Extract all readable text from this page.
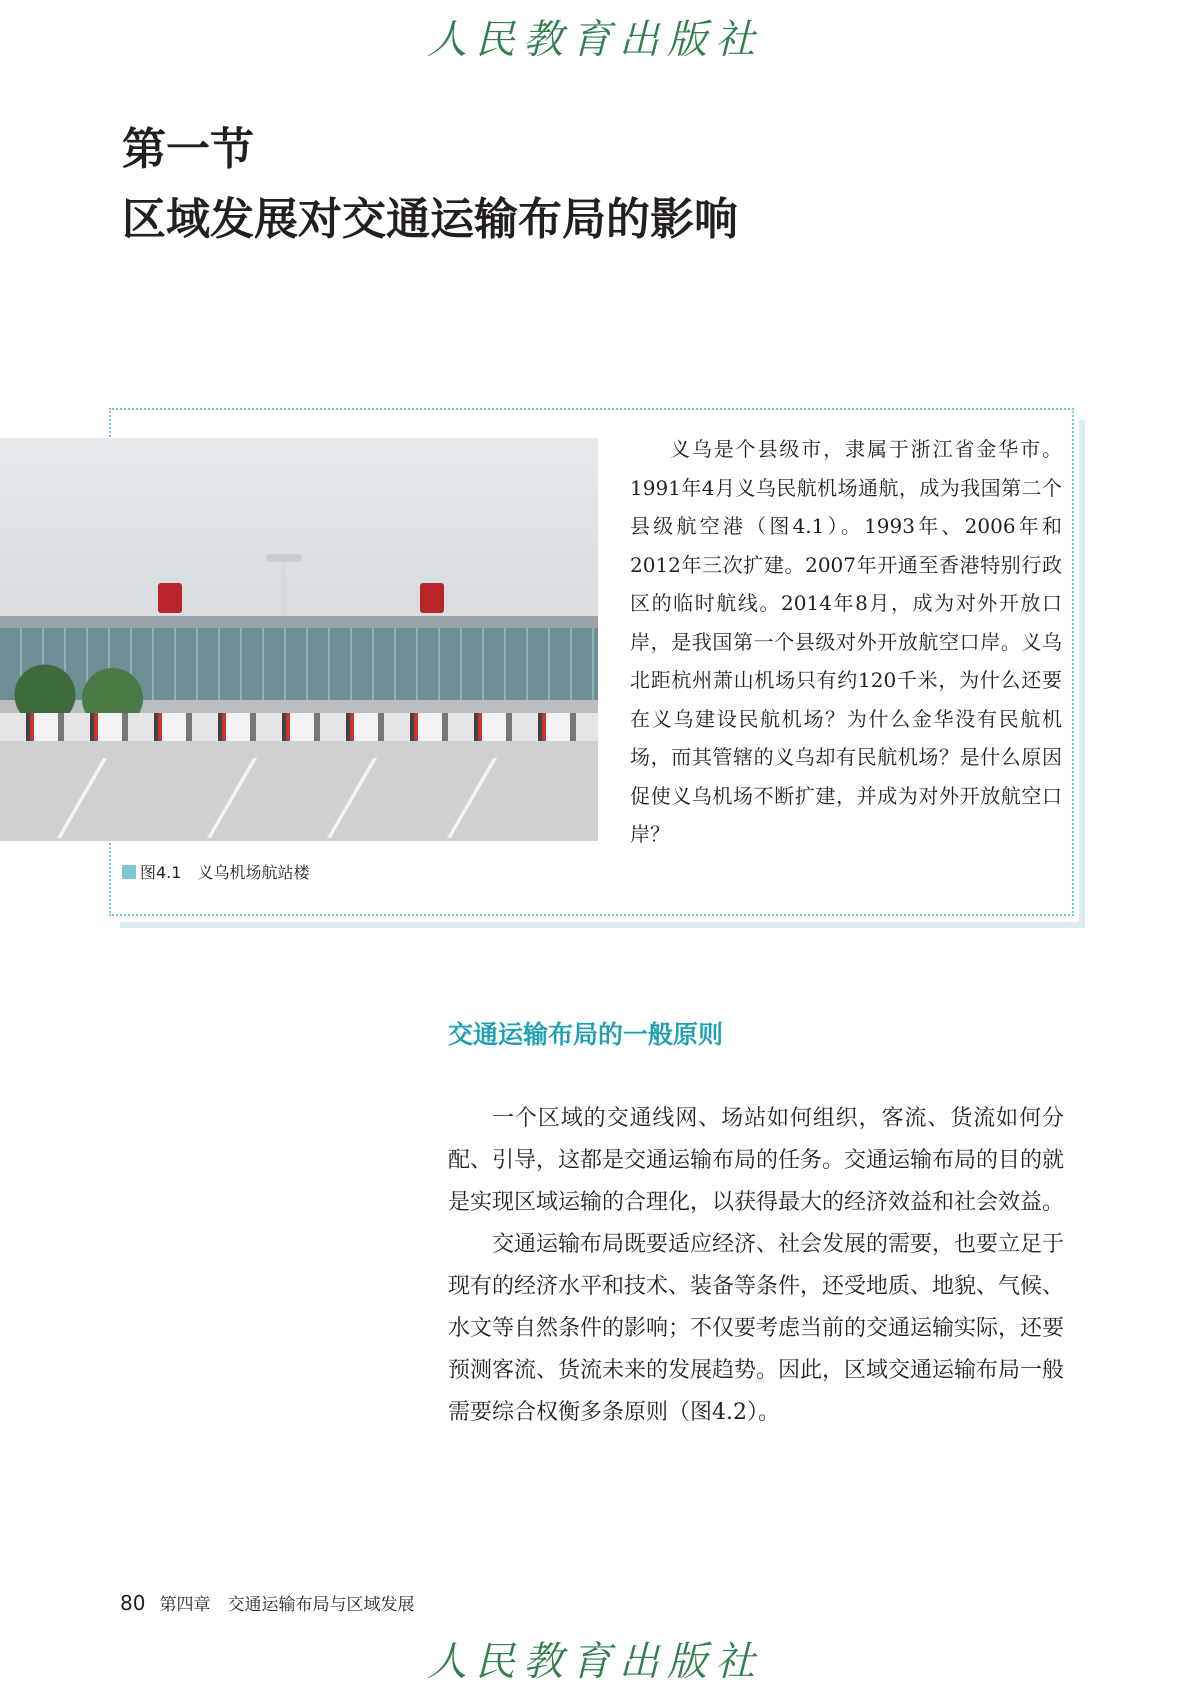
人民教育出版社
第一节
区域发展对交通运输布局的影响
图4.1　 义乌机场航站楼

义乌是个县级市，隶属于浙江省金华市。1991年4月义乌民航机场通航，成为我国第二个县级航空港（图4.1）。1993年、2006年和2012年三次扩建。2007年开通至香港特别行政区的临时航线。2014年8月，成为对外开放口岸，是我国第一个县级对外开放航空口岸。义乌北距杭州萧山机场只有约120千米，为什么还要在义乌建设民航机场？为什么金华没有民航机场，而其管辖的义乌却有民航机场？是什么原因促使义乌机场不断扩建，并成为对外开放航空口岸？

交通运输布局的一般原则

一个区域的交通线网、场站如何组织，客流、货流如何分配、引导，这都是交通运输布局的任务。交通运输布局的目的就是实现区域运输的合理化，以获得最大的经济效益和社会效益。

交通运输布局既要适应经济、社会发展的需要，也要立足于现有的经济水平和技术、装备等条件，还受地质、地貌、气候、水文等自然条件的影响；不仅要考虑当前的交通运输实际，还要预测客流、货流未来的发展趋势。因此，区域交通运输布局一般需要综合权衡多条原则（图4.2）。

80 第四章　交通运输布局与区域发展
人民教育出版社
